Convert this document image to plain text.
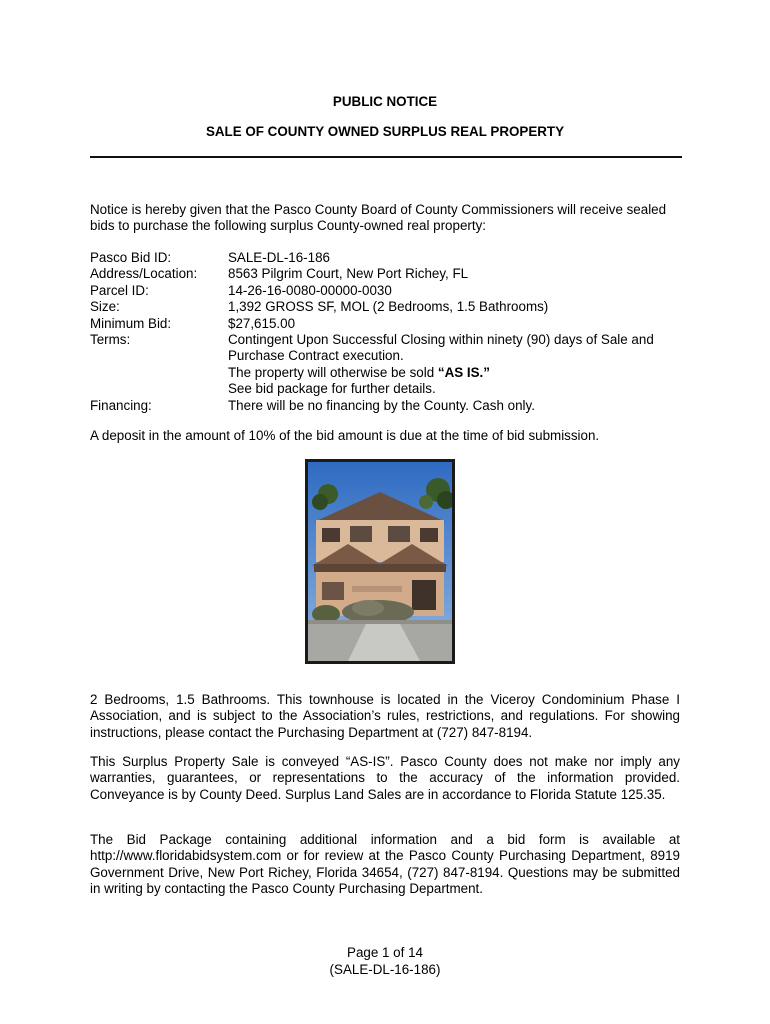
PUBLIC NOTICE
SALE OF COUNTY OWNED SURPLUS REAL PROPERTY

Notice is hereby given that the Pasco County Board of County Commissioners will receive sealed bids to purchase the following surplus County-owned real property:

Pasco Bid ID:	SALE-DL-16-186
Address/Location:	8563 Pilgrim Court, New Port Richey, FL
Parcel ID:	14-26-16-0080-00000-0030
Size:	1,392 GROSS SF, MOL (2 Bedrooms, 1.5 Bathrooms)
Minimum Bid:	$27,615.00
Terms:	Contingent Upon Successful Closing within ninety (90) days of Sale and
Purchase Contract execution.
The property will otherwise be sold “AS IS.”
See bid package for further details.

Financing:	There will be no financing by the County. Cash only.

A deposit in the amount of 10% of the bid amount is due at the time of bid submission.

2 Bedrooms, 1.5 Bathrooms. This townhouse is located in the Viceroy Condominium Phase I Association, and is subject to the Association’s rules, restrictions, and regulations. For showing instructions, please contact the Purchasing Department at (727) 847-8194.

This Surplus Property Sale is conveyed “AS-IS”. Pasco County does not make nor imply any warranties, guarantees, or representations to the accuracy of the information provided. Conveyance is by County Deed. Surplus Land Sales are in accordance to Florida Statute 125.35.

The Bid Package containing additional information and a bid form is available at http://www.floridabidsystem.com or for review at the Pasco County Purchasing Department, 8919 Government Drive, New Port Richey, Florida 34654, (727) 847-8194. Questions may be submitted in writing by contacting the Pasco County Purchasing Department.

Page 1 of 14
(SALE-DL-16-186)
